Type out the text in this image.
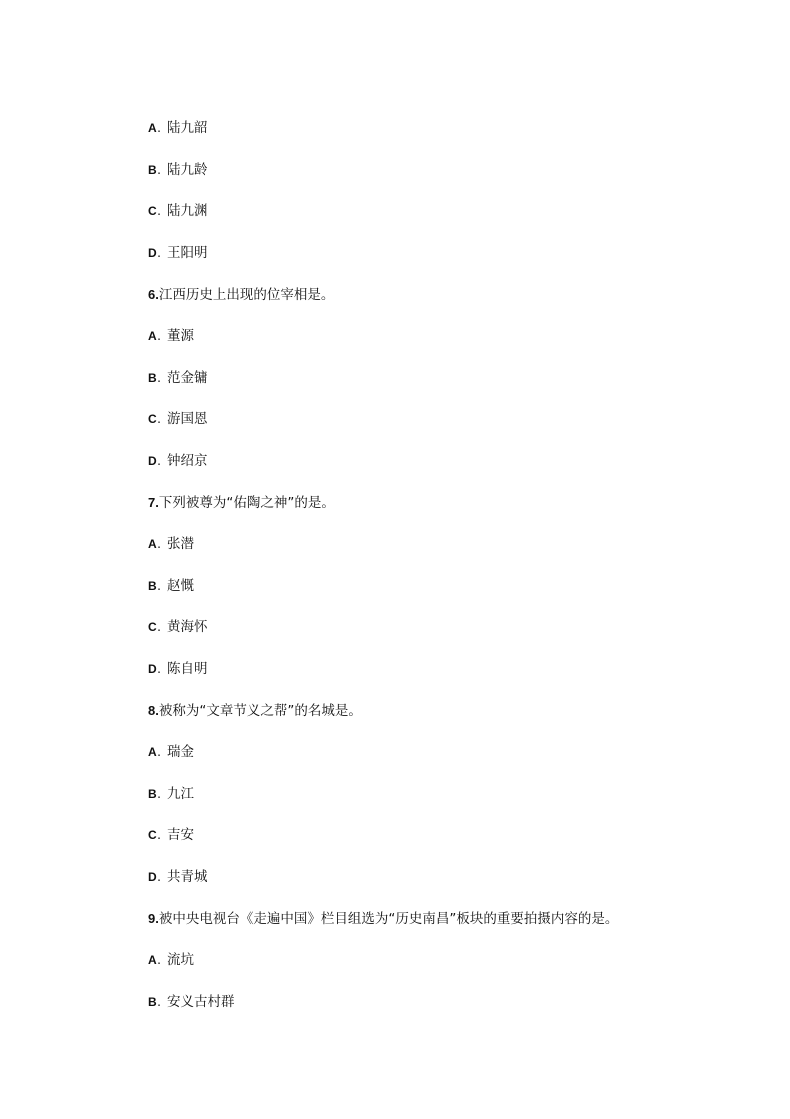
A. 陆九韶
B. 陆九龄
C. 陆九渊
D. 王阳明
6.江西历史上出现的位宰相是。
A. 董源
B. 范金镛
C. 游国恩
D. 钟绍京
7.下列被尊为“佑陶之神”的是。
A. 张潜
B. 赵慨
C. 黄海怀
D. 陈自明
8.被称为“文章节义之帮”的名城是。
A. 瑞金
B. 九江
C. 吉安
D. 共青城
9.被中央电视台《走遍中国》栏目组选为“历史南昌”板块的重要拍摄内容的是。
A. 流坑
B. 安义古村群
